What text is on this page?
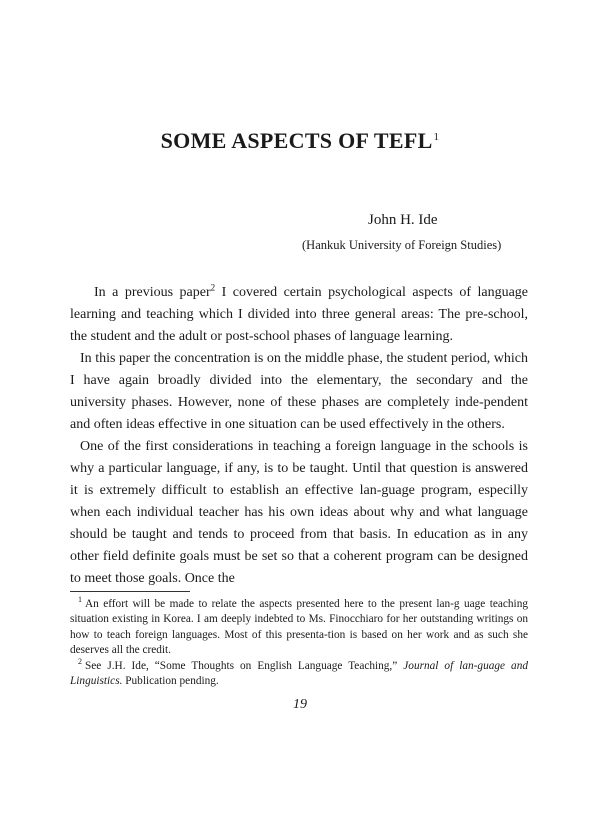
SOME ASPECTS OF TEFL$^1$
John H. Ide
(Hankuk University of Foreign Studies)

In a previous paper$^2$ I covered certain psychological aspects of language learning and teaching which I divided into three general areas: The pre-school, the student and the adult or post-school phases of language learning.

In this paper the concentration is on the middle phase, the student period, which I have again broadly divided into the elementary, the secondary and the university phases. However, none of these phases are completely inde-pendent and often ideas effective in one situation can be used effectively in the others.

One of the first considerations in teaching a foreign language in the schools is why a particular language, if any, is to be taught. Until that question is answered it is extremely difficult to establish an effective lan-guage program, especilly when each individual teacher has his own ideas about why and what language should be taught and tends to proceed from that basis. In education as in any other field definite goals must be set so that a coherent program can be designed to meet those goals. Once the

$^1$ An effort will be made to relate the aspects presented here to the present lan-g uage teaching situation existing in Korea. I am deeply indebted to Ms. Finocchiaro for her outstanding writings on how to teach foreign languages. Most of this presenta-tion is based on her work and as such she deserves all the credit.

$^2$ See J.H. Ide, “Some Thoughts on English Language Teaching,” Journal of lan-guage and Linguistics. Publication pending.

19
